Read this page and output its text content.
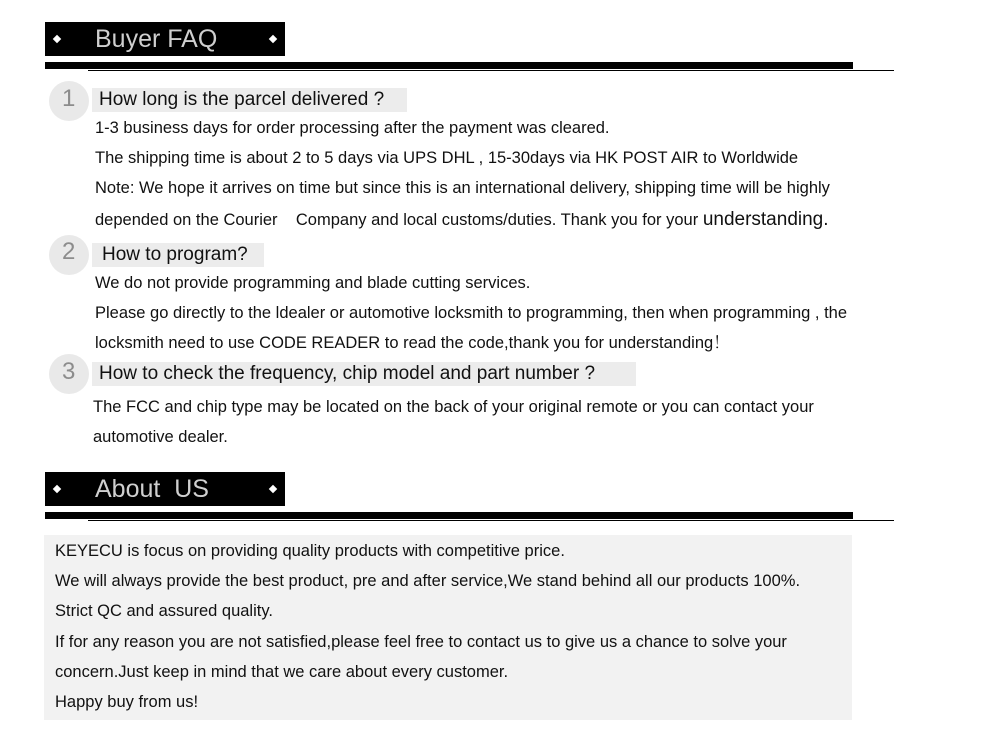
Buyer FAQ
1 How long is the parcel delivered ?
1-3 business days for order processing after the payment was cleared.
The shipping time is about 2 to 5 days via UPS DHL , 15-30days via HK POST AIR to Worldwide
Note: We hope it arrives on time but since this is an international delivery, shipping time will be highly
depended on the Courier    Company and local customs/duties. Thank you for your understanding.
2 How to program?
We do not provide programming and blade cutting services.
Please go directly to the ldealer or automotive locksmith to programming, then when programming , the
locksmith need to use CODE READER to read the code,thank you for understanding！
3 How to check the frequency, chip model and part number ?
The FCC and chip type may be located on the back of your original remote or you can contact your
automotive dealer.
About  US
KEYECU is focus on providing quality products with competitive price.
We will always provide the best product, pre and after service,We stand behind all our products 100%.
Strict QC and assured quality.
If for any reason you are not satisfied,please feel free to contact us to give us a chance to solve your
concern.Just keep in mind that we care about every customer.
Happy buy from us!
